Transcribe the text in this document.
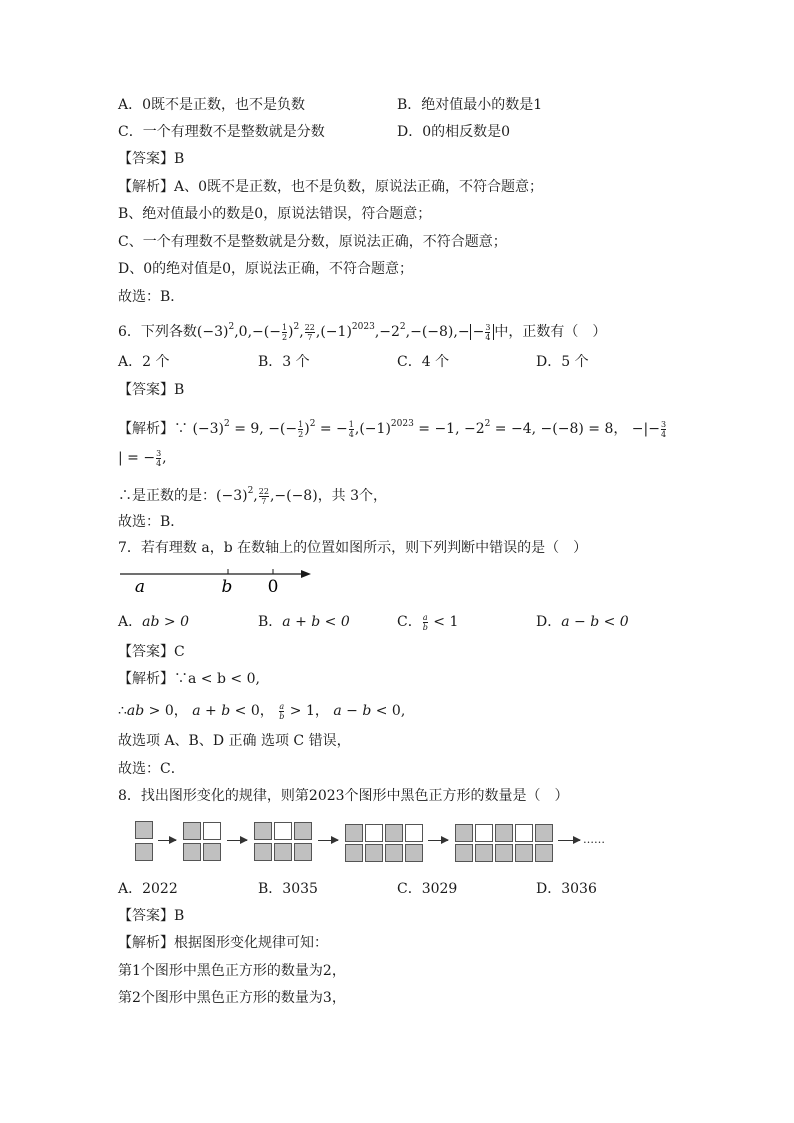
A．0既不是正数，也不是负数	B．绝对值最小的数是1
C．一个有理数不是整数就是分数	D．0的相反数是0
【答案】B
【解析】A、0既不是正数，也不是负数，原说法正确，不符合题意；
B、绝对值最小的数是0，原说法错误，符合题意；
C、一个有理数不是整数就是分数，原说法正确，不符合题意；
D、0的绝对值是0，原说法正确，不符合题意；
故选：B．
6．下列各数$(-3)^2,0,-(- \frac{1}{2} )^2$, $\frac{22}{7} ,(-1)^{2023},-2^2,-(-8),- - \frac{3}{4}$ 中，正数有（　）
A．2 个	B．3 个	C．4 个	D．5 个
【答案】B
【解析】∵ $(-3)^2 = 9$, −(− $\frac{1}{2} )^2$ = − $\frac{1}{4} ,(-1)^{2023} = -1$, $-2^2 = -4$, −(−8) = 8， −|− $\frac{3}{4}$
| = − $\frac{3}{4}$ ,
∴是正数的是：$(-3)^2$, $\frac{22}{7} ,-(-8)$，共 3个，
故选：B．
7．若有理数 a，b 在数轴上的位置如图所示，则下列判断中错误的是（　）
a	b 0
A．ab > 0	B．a + b < 0	C． $\frac{a}{b} < 1$	D．a − b < 0
【答案】C
【解析】∵a < b < 0,
∴ab > 0， a + b < 0， $\frac{a}{b} > 1$， a − b < 0,
故选项 A、B、D 正确 选项 C 错误，
故选：C．
8．找出图形变化的规律，则第2023个图形中黑色正方形的数量是（　）
……
A．2022	B．3035	C．3029	D．3036
【答案】B
【解析】根据图形变化规律可知：
第1个图形中黑色正方形的数量为2，
第2个图形中黑色正方形的数量为3，
